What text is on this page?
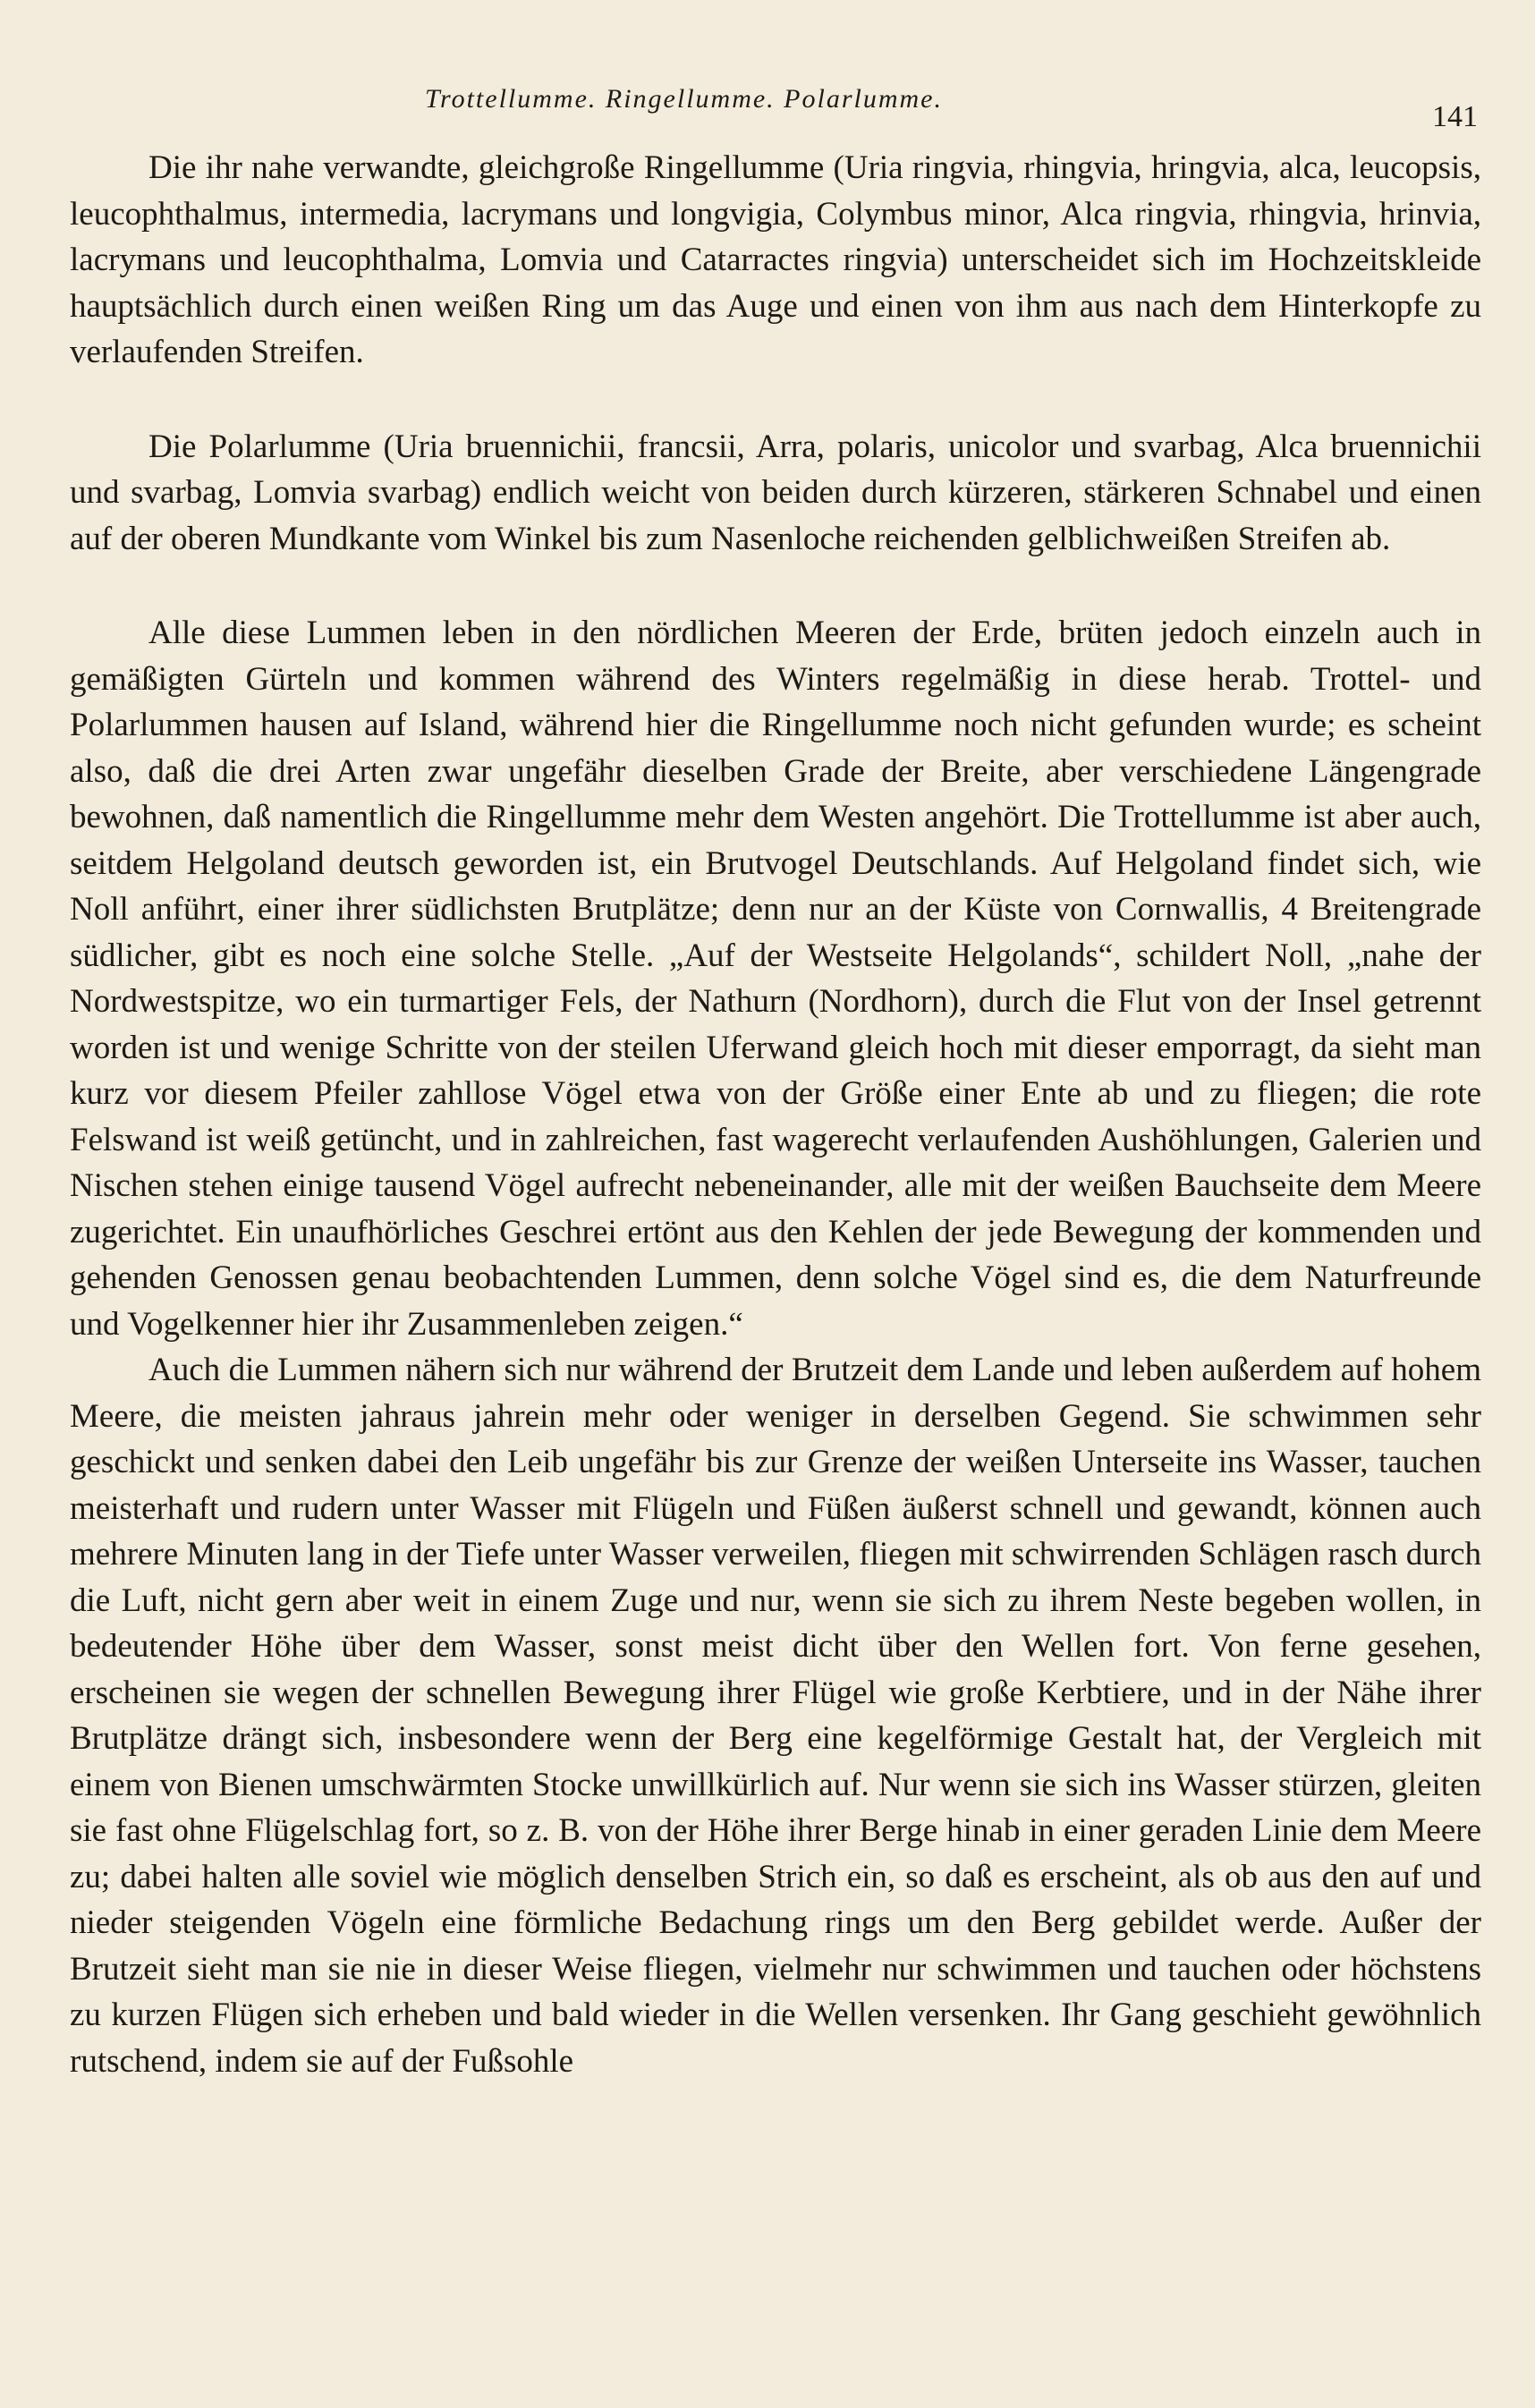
Trottellumme. Ringellumme. Polarlumme.
141

Die ihr nahe verwandte, gleichgroße Ringellumme (Uria ringvia, rhingvia, hringvia, alca, leucopsis, leucophthalmus, intermedia, lacrymans und longvigia, Colymbus minor, Alca ringvia, rhingvia, hrinvia, lacrymans und leucophthalma, Lomvia und Catarractes ringvia) unterscheidet sich im Hochzeitskleide hauptsächlich durch einen weißen Ring um das Auge und einen von ihm aus nach dem Hinterkopfe zu verlaufenden Streifen.

Die Polarlumme (Uria bruennichii, francsii, Arra, polaris, unicolor und svarbag, Alca bruennichii und svarbag, Lomvia svarbag) endlich weicht von beiden durch kürzeren, stärkeren Schnabel und einen auf der oberen Mundkante vom Winkel bis zum Nasenloche reichenden gelblichweißen Streifen ab.

Alle diese Lummen leben in den nördlichen Meeren der Erde, brüten jedoch einzeln auch in gemäßigten Gürteln und kommen während des Winters regelmäßig in diese herab. Trottel- und Polarlummen hausen auf Island, während hier die Ringellumme noch nicht gefunden wurde; es scheint also, daß die drei Arten zwar ungefähr dieselben Grade der Breite, aber verschiedene Längengrade bewohnen, daß namentlich die Ringellumme mehr dem Westen angehört. Die Trottellumme ist aber auch, seitdem Helgoland deutsch geworden ist, ein Brutvogel Deutschlands. Auf Helgoland findet sich, wie Noll anführt, einer ihrer südlichsten Brutplätze; denn nur an der Küste von Cornwallis, 4 Breitengrade südlicher, gibt es noch eine solche Stelle. „Auf der Westseite Helgolands“, schildert Noll, „nahe der Nordwestspitze, wo ein turmartiger Fels, der Nathurn (Nordhorn), durch die Flut von der Insel getrennt worden ist und wenige Schritte von der steilen Uferwand gleich hoch mit dieser emporragt, da sieht man kurz vor diesem Pfeiler zahllose Vögel etwa von der Größe einer Ente ab und zu fliegen; die rote Felswand ist weiß getüncht, und in zahlreichen, fast wagerecht verlaufenden Aushöhlungen, Galerien und Nischen stehen einige tausend Vögel aufrecht nebeneinander, alle mit der weißen Bauchseite dem Meere zugerichtet. Ein unaufhörliches Geschrei ertönt aus den Kehlen der jede Bewegung der kommenden und gehenden Genossen genau beobachtenden Lummen, denn solche Vögel sind es, die dem Naturfreunde und Vogelkenner hier ihr Zusammenleben zeigen.“

Auch die Lummen nähern sich nur während der Brutzeit dem Lande und leben außerdem auf hohem Meere, die meisten jahraus jahrein mehr oder weniger in derselben Gegend. Sie schwimmen sehr geschickt und senken dabei den Leib ungefähr bis zur Grenze der weißen Unterseite ins Wasser, tauchen meisterhaft und rudern unter Wasser mit Flügeln und Füßen äußerst schnell und gewandt, können auch mehrere Minuten lang in der Tiefe unter Wasser verweilen, fliegen mit schwirrenden Schlägen rasch durch die Luft, nicht gern aber weit in einem Zuge und nur, wenn sie sich zu ihrem Neste begeben wollen, in bedeutender Höhe über dem Wasser, sonst meist dicht über den Wellen fort. Von ferne gesehen, erscheinen sie wegen der schnellen Bewegung ihrer Flügel wie große Kerbtiere, und in der Nähe ihrer Brutplätze drängt sich, insbesondere wenn der Berg eine kegelförmige Gestalt hat, der Vergleich mit einem von Bienen umschwärmten Stocke unwillkürlich auf. Nur wenn sie sich ins Wasser stürzen, gleiten sie fast ohne Flügelschlag fort, so z. B. von der Höhe ihrer Berge hinab in einer geraden Linie dem Meere zu; dabei halten alle soviel wie möglich denselben Strich ein, so daß es erscheint, als ob aus den auf und nieder steigenden Vögeln eine förmliche Bedachung rings um den Berg gebildet werde. Außer der Brutzeit sieht man sie nie in dieser Weise fliegen, vielmehr nur schwimmen und tauchen oder höchstens zu kurzen Flügen sich erheben und bald wieder in die Wellen versenken. Ihr Gang geschieht gewöhnlich rutschend, indem sie auf der Fußsohle
